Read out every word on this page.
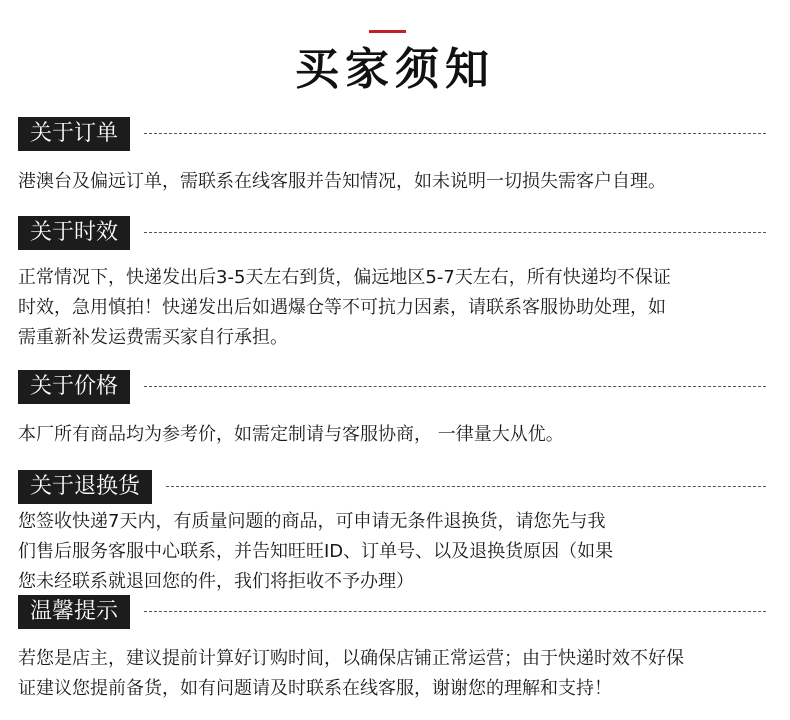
买家须知
关于订单
港澳台及偏远订单，需联系在线客服并告知情况，如未说明一切损失需客户自理。
关于时效
正常情况下，快递发出后3-5天左右到货，偏远地区5-7天左右，所有快递均不保证
时效，急用慎拍！快递发出后如遇爆仓等不可抗力因素，请联系客服协助处理，如
需重新补发运费需买家自行承担。
关于价格
本厂所有商品均为参考价，如需定制请与客服协商， 一律量大从优。
关于退换货
您签收快递7天内，有质量问题的商品，可申请无条件退换货，请您先与我
们售后服务客服中心联系，并告知旺旺ID、订单号、以及退换货原因（如果
您未经联系就退回您的件，我们将拒收不予办理）
温馨提示
若您是店主，建议提前计算好订购时间，以确保店铺正常运营；由于快递时效不好保
证建议您提前备货，如有问题请及时联系在线客服，谢谢您的理解和支持！
